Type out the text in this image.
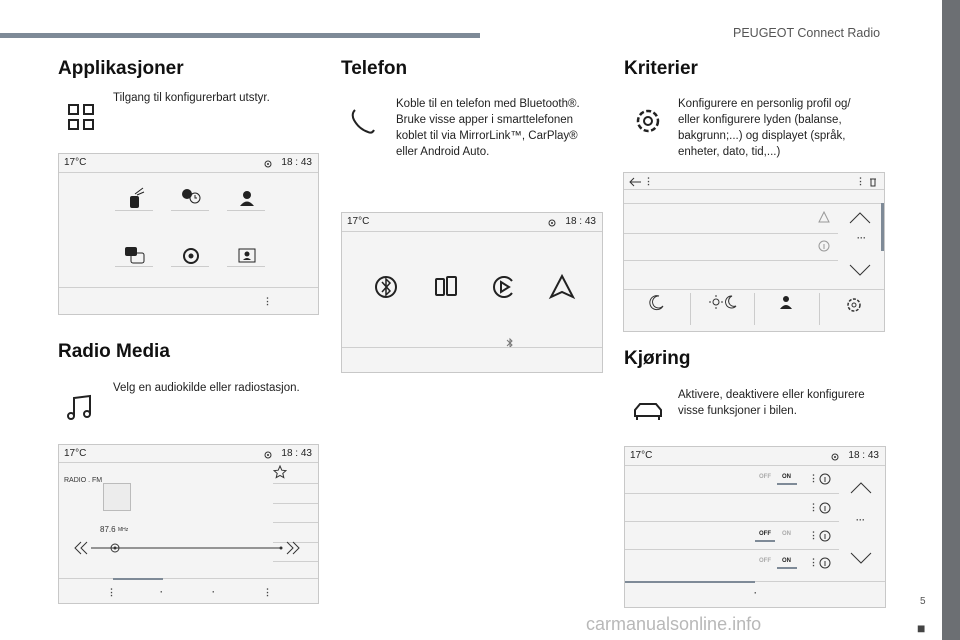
PEUGEOT Connect Radio
5
■
carmanualsonline.info
Applikasjoner
Tilgang til konfigurerbart utstyr.
17°C	18 : 43
⋮
Radio Media
Velg en audiokilde eller radiostasjon.
17°C	18 : 43
RADIO . FM
87.6 MHz
⋮	·	·	⋮
Telefon
Koble til en telefon med Bluetooth®.
Bruke visse apper i smarttelefonen
koblet til via MirrorLink™, CarPlay®
eller Android Auto.
17°C	18 : 43
Kriterier
Konfigurere en personlig profil og/
eller konfigurere lyden (balanse,
bakgrunn;...) og displayet (språk,
enheter, dato, tid,...)
⋮	⋮
···
Kjøring
Aktivere, deaktivere eller konfigurere
visse funksjoner i bilen.
17°C	18 : 43
OFF ON ⋮
⋮
OFF ON ⋮
OFF ON ⋮
···
·
